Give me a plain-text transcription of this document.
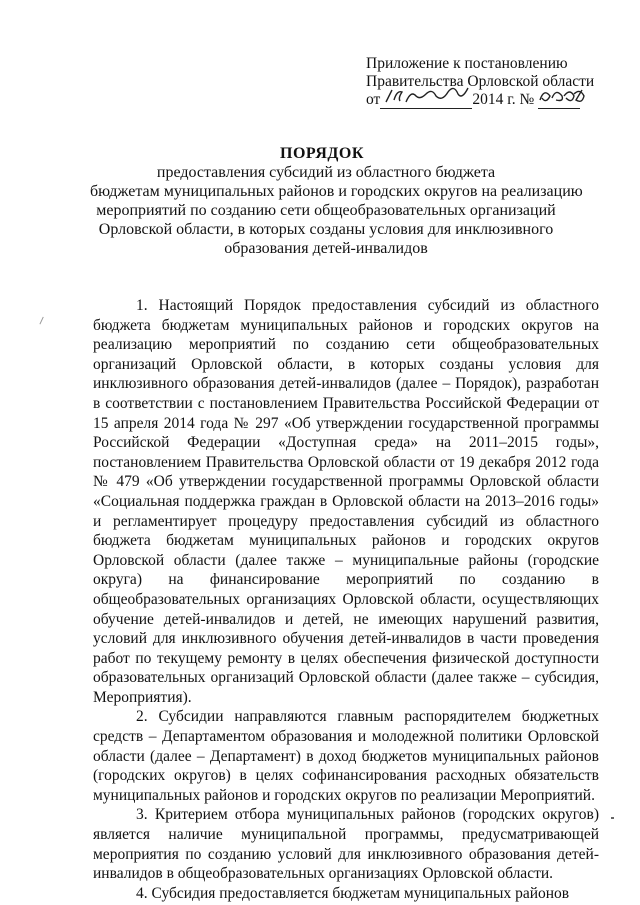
Приложение к постановлению
Правительства Орловской области
от	2014 г. №
ПОРЯДОК
предоставления субсидий из областного бюджета
бюджетам муниципальных районов и городских округов на реализацию
мероприятий по созданию сети общеобразовательных организаций
Орловской области, в которых созданы условия для инклюзивного
образования детей-инвалидов

1. Настоящий Порядок предоставления субсидий из областного бюджета бюджетам муниципальных районов и городских округов на реализацию мероприятий по созданию сети общеобразовательных организаций Орловской области, в которых созданы условия для инклюзивного образования детей-инвалидов (далее – Порядок), разработан в соответствии с постановлением Правительства Российской Федерации от 15 апреля 2014 года № 297 «Об утверждении государственной программы Российской Федерации «Доступная среда» на 2011–2015 годы», постановлением Правительства Орловской области от 19 декабря 2012 года № 479 «Об утверждении государственной программы Орловской области «Социальная поддержка граждан в Орловской области на 2013–2016 годы» и регламентирует процедуру предоставления субсидий из областного бюджета бюджетам муниципальных районов и городских округов Орловской области (далее также – муниципальные районы (городские округа) на финансирование мероприятий по созданию в общеобразовательных организациях Орловской области, осуществляющих обучение детей-инвалидов и детей, не имеющих нарушений развития, условий для инклюзивного обучения детей-инвалидов в части проведения работ по текущему ремонту в целях обеспечения физической доступности образовательных организаций Орловской области (далее также – субсидия, Мероприятия).

2. Субсидии направляются главным распорядителем бюджетных средств – Департаментом образования и молодежной политики Орловской области (далее – Департамент) в доход бюджетов муниципальных районов (городских округов) в целях софинансирования расходных обязательств муниципальных районов и городских округов по реализации Мероприятий.

3. Критерием отбора муниципальных районов (городских округов) является наличие муниципальной программы, предусматривающей мероприятия по созданию условий для инклюзивного образования детей-инвалидов в общеобразовательных организациях Орловской области.

4. Субсидия предоставляется бюджетам муниципальных районов
